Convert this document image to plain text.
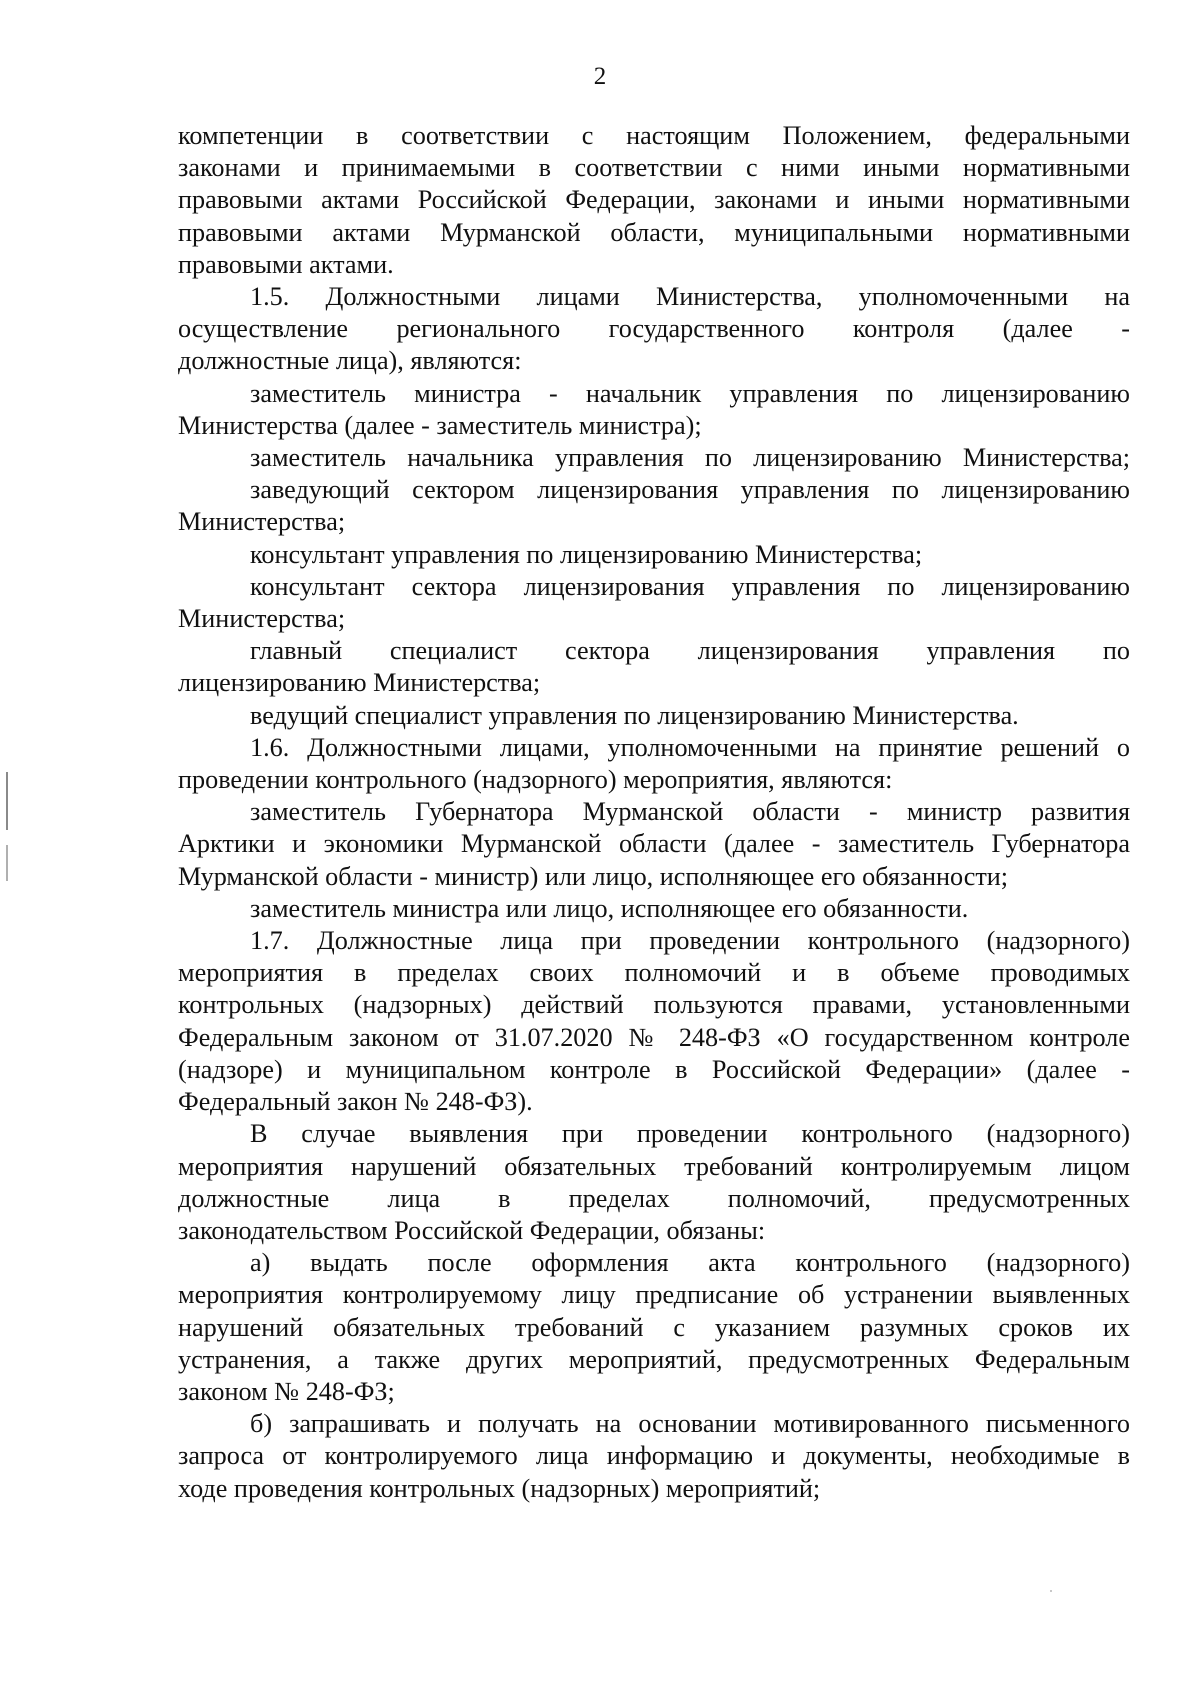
2
компетенции в соответствии с настоящим Положением, федеральными
законами и принимаемыми в соответствии с ними иными нормативными
правовыми актами Российской Федерации, законами и иными нормативными
правовыми актами Мурманской области, муниципальными нормативными
правовыми актами.
1.5. Должностными лицами Министерства, уполномоченными на
осуществление регионального государственного контроля (далее -
должностные лица), являются:
заместитель министра - начальник управления по лицензированию
Министерства (далее - заместитель министра);
заместитель начальника управления по лицензированию Министерства;
заведующий сектором лицензирования управления по лицензированию
Министерства;
консультант управления по лицензированию Министерства;
консультант сектора лицензирования управления по лицензированию
Министерства;
главный специалист сектора лицензирования управления по
лицензированию Министерства;
ведущий специалист управления по лицензированию Министерства.
1.6. Должностными лицами, уполномоченными на принятие решений о
проведении контрольного (надзорного) мероприятия, являются:
заместитель Губернатора Мурманской области - министр развития
Арктики и экономики Мурманской области (далее - заместитель Губернатора
Мурманской области - министр) или лицо, исполняющее его обязанности;
заместитель министра или лицо, исполняющее его обязанности.
1.7. Должностные лица при проведении контрольного (надзорного)
мероприятия в пределах своих полномочий и в объеме проводимых
контрольных (надзорных) действий пользуются правами, установленными
Федеральным законом от 31.07.2020 № 248-ФЗ «О государственном контроле
(надзоре) и муниципальном контроле в Российской Федерации» (далее -
Федеральный закон № 248-ФЗ).
В случае выявления при проведении контрольного (надзорного)
мероприятия нарушений обязательных требований контролируемым лицом
должностные лица в пределах полномочий, предусмотренных
законодательством Российской Федерации, обязаны:
а) выдать после оформления акта контрольного (надзорного)
мероприятия контролируемому лицу предписание об устранении выявленных
нарушений обязательных требований с указанием разумных сроков их
устранения, а также других мероприятий, предусмотренных Федеральным
законом № 248-ФЗ;
б) запрашивать и получать на основании мотивированного письменного
запроса от контролируемого лица информацию и документы, необходимые в
ходе проведения контрольных (надзорных) мероприятий;
